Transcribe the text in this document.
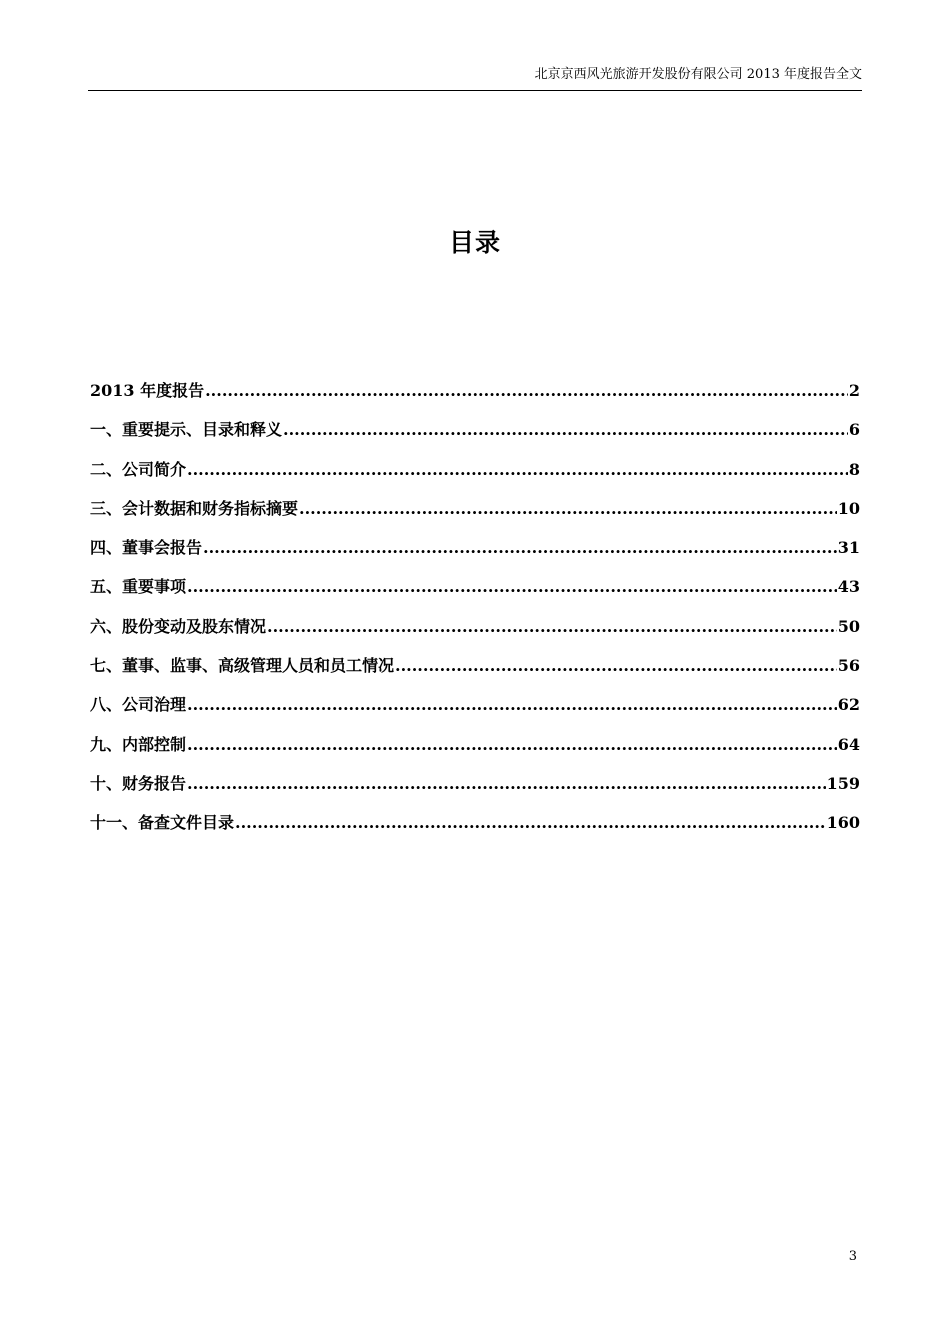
北京京西风光旅游开发股份有限公司 2013 年度报告全文
目录
2013 年度报告 .....	2
一、重要提示、目录和释义 .....	6
二、公司简介 .....	8
三、会计数据和财务指标摘要 .....	10
四、董事会报告 .....	31
五、重要事项 .....	43
六、股份变动及股东情况 .....	50
七、董事、监事、高级管理人员和员工情况 .....	56
八、公司治理 .....	62
九、内部控制 .....	64
十、财务报告 .....	159
十一、备查文件目录 .....	160
3
